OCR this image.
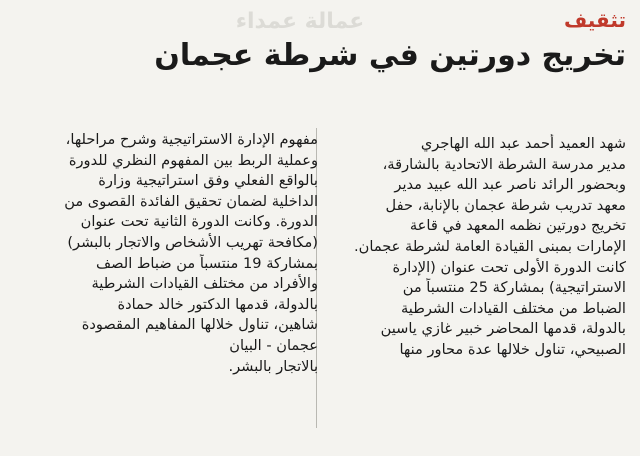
عمالة عمداء	تثقيف
تخريج دورتين في شرطة عجمان
شهد العميد أحمد عبد الله الهاجري
مدير مدرسة الشرطة الاتحادية بالشارقة،
وبحضور الرائد ناصر عبد الله عبيد مدير
معهد تدريب شرطة عجمان بالإنابة، حفل
تخريج دورتين نظمه المعهد في قاعة
الإمارات بمبنى القيادة العامة لشرطة عجمان.
كانت الدورة الأولى تحت عنوان (الإدارة
الاستراتيجية) بمشاركة 25 منتسباً من
الضباط من مختلف القيادات الشرطية
بالدولة، قدمها المحاضر خبير غازي ياسين
الصبيحي، تناول خلالها عدة محاور منها
مفهوم الإدارة الاستراتيجية وشرح مراحلها،
وعملية الربط بين المفهوم النظري للدورة
بالواقع الفعلي وفق استراتيجية وزارة
الداخلية لضمان تحقيق الفائدة القصوى من
الدورة. وكانت الدورة الثانية تحت عنوان
(مكافحة تهريب الأشخاص والاتجار بالبشر)
بمشاركة 19 منتسباً من ضباط الصف
والأفراد من مختلف القيادات الشرطية
بالدولة، قدمها الدكتور خالد حمادة
شاهين، تناول خلالها المفاهيم المقصودة
عجمان - البيان
بالاتجار بالبشر.
